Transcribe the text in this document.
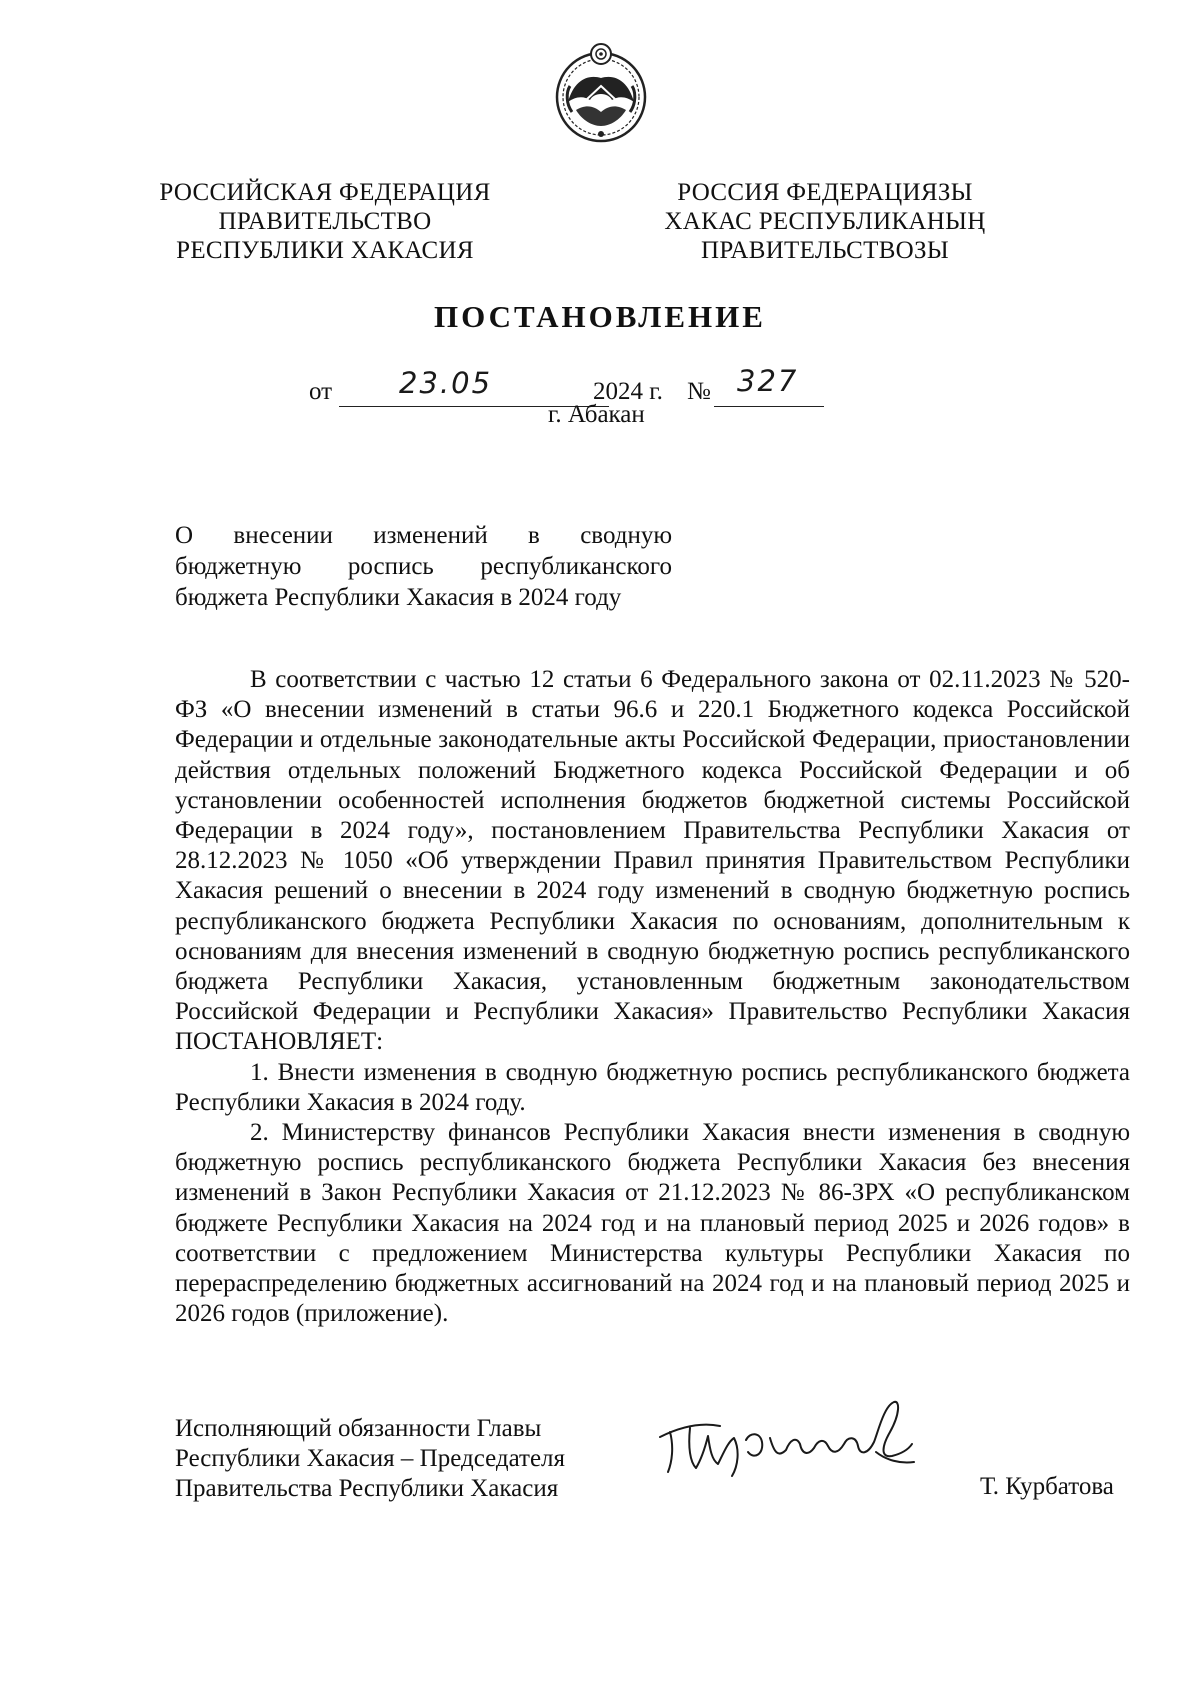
РОССИЙСКАЯ ФЕДЕРАЦИЯ
ПРАВИТЕЛЬСТВО
РЕСПУБЛИКИ ХАКАСИЯ
РОССИЯ ФЕДЕРАЦИЯЗЫ
ХАКАС РЕСПУБЛИКАНЫҢ
ПРАВИТЕЛЬСТВОЗЫ
ПОСТАНОВЛЕНИЕ
от 23.05	2024 г. № 327
г. Абакан
О внесении изменений в сводную
бюджетную роспись республиканского
бюджета Республики Хакасия в 2024 году

В соответствии с частью 12 статьи 6 Федерального закона от 02.11.2023 № 520-ФЗ «О внесении изменений в статьи 96.6 и 220.1 Бюджетного кодекса Российской Федерации и отдельные законодательные акты Российской Федерации, приостановлении действия отдельных положений Бюджетного кодекса Российской Федерации и об установлении особенностей исполнения бюджетов бюджетной системы Российской Федерации в 2024 году», постановлением Правительства Республики Хакасия от 28.12.2023 № 1050 «Об утверждении Правил принятия Правительством Республики Хакасия решений о внесении в 2024 году изменений в сводную бюджетную роспись республиканского бюджета Республики Хакасия по основаниям, дополнительным к основаниям для внесения изменений в сводную бюджетную роспись республиканского бюджета Республики Хакасия, установленным бюджетным законодательством Российской Федерации и Республики Хакасия» Правительство Республики Хакасия ПОСТАНОВЛЯЕТ:

1. Внести изменения в сводную бюджетную роспись республиканского бюджета Республики Хакасия в 2024 году.

2. Министерству финансов Республики Хакасия внести изменения в сводную бюджетную роспись республиканского бюджета Республики Хакасия без внесения изменений в Закон Республики Хакасия от 21.12.2023 № 86-ЗРХ «О республиканском бюджете Республики Хакасия на 2024 год и на плановый период 2025 и 2026 годов» в соответствии с предложением Министерства культуры Республики Хакасия по перераспределению бюджетных ассигнований на 2024 год и на плановый период 2025 и 2026 годов (приложение).

Исполняющий обязанности Главы
Республики Хакасия – Председателя
Правительства Республики Хакасия	Т. Курбатова
